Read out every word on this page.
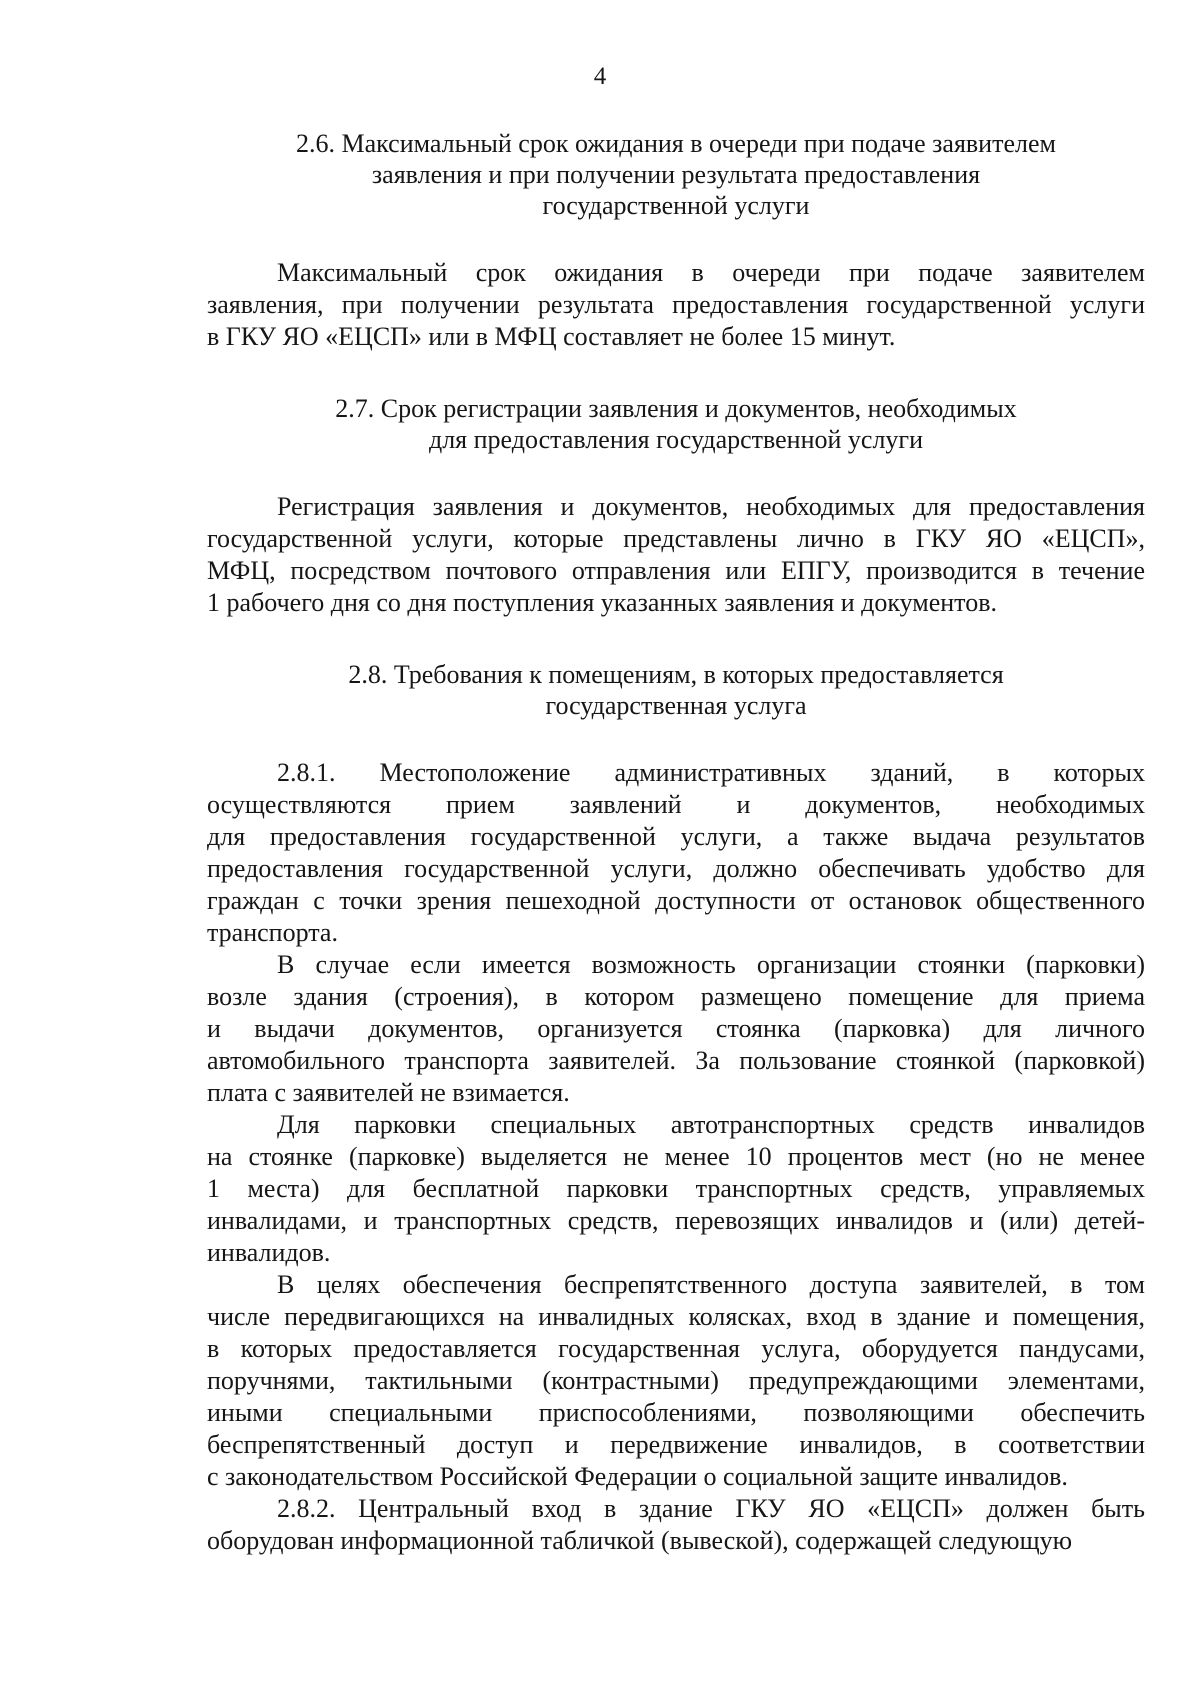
4
2.6. Максимальный срок ожидания в очереди при подаче заявителем
заявления и при получении результата предоставления
государственной услуги
Максимальный срок ожидания в очереди при подаче заявителем
заявления, при получении результата предоставления государственной услуги
в ГКУ ЯО «ЕЦСП» или в МФЦ составляет не более 15 минут.
2.7. Срок регистрации заявления и документов, необходимых
для предоставления государственной услуги
Регистрация заявления и документов, необходимых для предоставления
государственной услуги, которые представлены лично в ГКУ ЯО «ЕЦСП»,
МФЦ, посредством почтового отправления или ЕПГУ, производится в течение
1 рабочего дня со дня поступления указанных заявления и документов.
2.8. Требования к помещениям, в которых предоставляется
государственная услуга
2.8.1. Местоположение административных зданий, в которых
осуществляются прием заявлений и документов, необходимых
для предоставления государственной услуги, а также выдача результатов
предоставления государственной услуги, должно обеспечивать удобство для
граждан с точки зрения пешеходной доступности от остановок общественного
транспорта.
В случае если имеется возможность организации стоянки (парковки)
возле здания (строения), в котором размещено помещение для приема
и выдачи документов, организуется стоянка (парковка) для личного
автомобильного транспорта заявителей. За пользование стоянкой (парковкой)
плата с заявителей не взимается.
Для парковки специальных автотранспортных средств инвалидов
на стоянке (парковке) выделяется не менее 10 процентов мест (но не менее
1 места) для бесплатной парковки транспортных средств, управляемых
инвалидами, и транспортных средств, перевозящих инвалидов и (или) детей-
инвалидов.
В целях обеспечения беспрепятственного доступа заявителей, в том
числе передвигающихся на инвалидных колясках, вход в здание и помещения,
в которых предоставляется государственная услуга, оборудуется пандусами,
поручнями, тактильными (контрастными) предупреждающими элементами,
иными специальными приспособлениями, позволяющими обеспечить
беспрепятственный доступ и передвижение инвалидов, в соответствии
с законодательством Российской Федерации о социальной защите инвалидов.
2.8.2. Центральный вход в здание ГКУ ЯО «ЕЦСП» должен быть
оборудован информационной табличкой (вывеской), содержащей следующую
